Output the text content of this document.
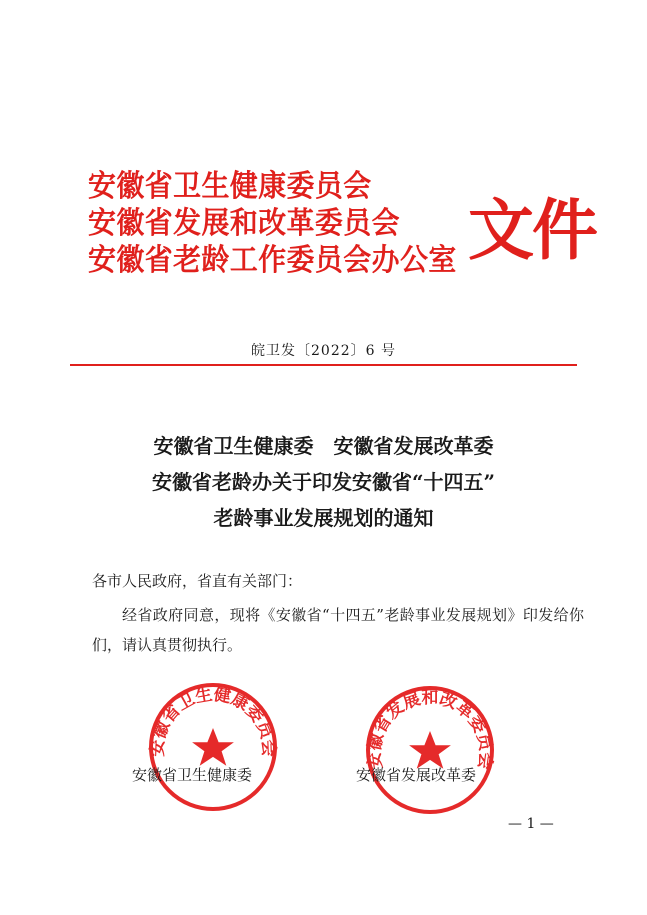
安徽省卫生健康委员会
安徽省发展和改革委员会
安徽省老龄工作委员会办公室 文件
皖卫发〔2022〕6 号
安徽省卫生健康委　安徽省发展改革委
安徽省老龄办关于印发安徽省“十四五”
老龄事业发展规划的通知
各市人民政府，省直有关部门：
经省政府同意，现将《安徽省“十四五”老龄事业发展规划》印发给你们，请认真贯彻执行。
安徽省卫生健康委员会
安徽省发展和改革委员会
安徽省卫生健康委	安徽省发展改革委
— 1 —
